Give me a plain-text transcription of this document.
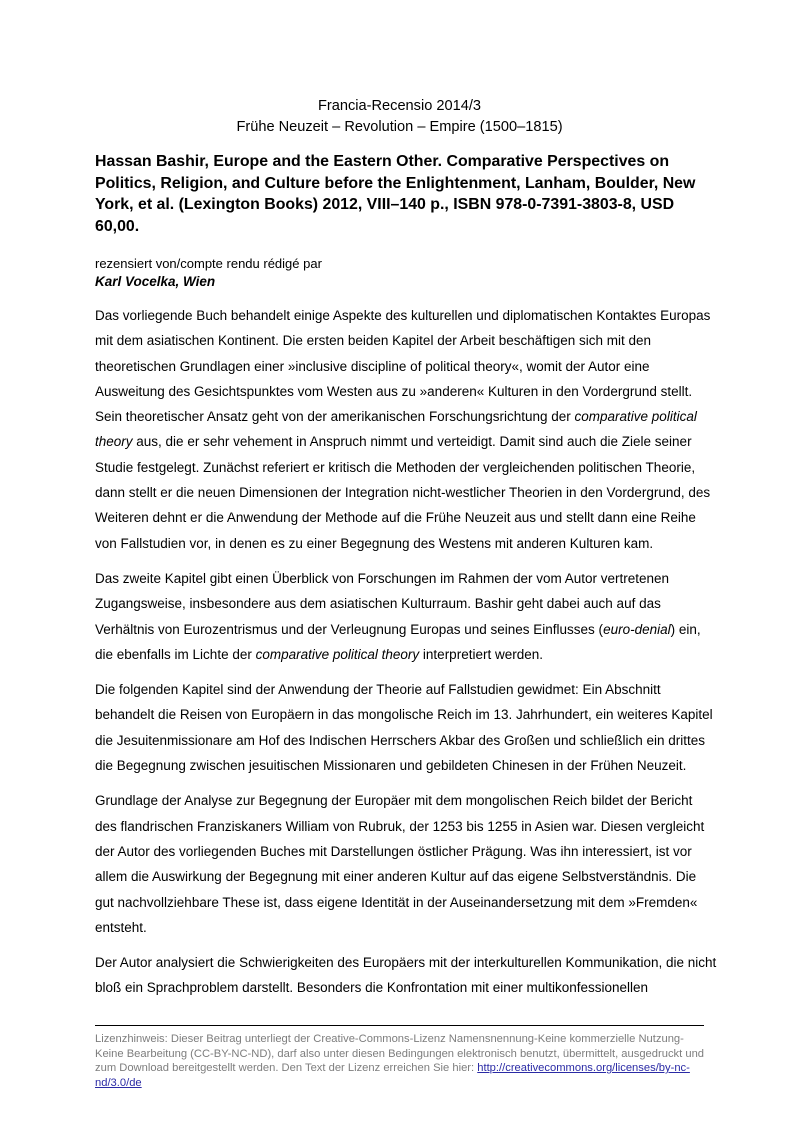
Francia-Recensio 2014/3
Frühe Neuzeit – Revolution – Empire (1500–1815)
Hassan Bashir, Europe and the Eastern Other. Comparative Perspectives on Politics, Religion, and Culture before the Enlightenment, Lanham, Boulder, New York, et al. (Lexington Books) 2012, VIII–140 p., ISBN 978-0-7391-3803-8, USD 60,00.
rezensiert von/compte rendu rédigé par
Karl Vocelka, Wien

Das vorliegende Buch behandelt einige Aspekte des kulturellen und diplomatischen Kontaktes Europas mit dem asiatischen Kontinent. Die ersten beiden Kapitel der Arbeit beschäftigen sich mit den theoretischen Grundlagen einer »inclusive discipline of political theory«, womit der Autor eine Ausweitung des Gesichtspunktes vom Westen aus zu »anderen« Kulturen in den Vordergrund stellt. Sein theoretischer Ansatz geht von der amerikanischen Forschungsrichtung der comparative political theory aus, die er sehr vehement in Anspruch nimmt und verteidigt. Damit sind auch die Ziele seiner Studie festgelegt. Zunächst referiert er kritisch die Methoden der vergleichenden politischen Theorie, dann stellt er die neuen Dimensionen der Integration nicht-westlicher Theorien in den Vordergrund, des Weiteren dehnt er die Anwendung der Methode auf die Frühe Neuzeit aus und stellt dann eine Reihe von Fallstudien vor, in denen es zu einer Begegnung des Westens mit anderen Kulturen kam.

Das zweite Kapitel gibt einen Überblick von Forschungen im Rahmen der vom Autor vertretenen Zugangsweise, insbesondere aus dem asiatischen Kulturraum. Bashir geht dabei auch auf das Verhältnis von Eurozentrismus und der Verleugnung Europas und seines Einflusses (euro-denial) ein, die ebenfalls im Lichte der comparative political theory interpretiert werden.

Die folgenden Kapitel sind der Anwendung der Theorie auf Fallstudien gewidmet: Ein Abschnitt behandelt die Reisen von Europäern in das mongolische Reich im 13. Jahrhundert, ein weiteres Kapitel die Jesuitenmissionare am Hof des Indischen Herrschers Akbar des Großen und schließlich ein drittes die Begegnung zwischen jesuitischen Missionaren und gebildeten Chinesen in der Frühen Neuzeit.

Grundlage der Analyse zur Begegnung der Europäer mit dem mongolischen Reich bildet der Bericht des flandrischen Franziskaners William von Rubruk, der 1253 bis 1255 in Asien war. Diesen vergleicht der Autor des vorliegenden Buches mit Darstellungen östlicher Prägung. Was ihn interessiert, ist vor allem die Auswirkung der Begegnung mit einer anderen Kultur auf das eigene Selbstverständnis. Die gut nachvollziehbare These ist, dass eigene Identität in der Auseinandersetzung mit dem »Fremden« entsteht.

Der Autor analysiert die Schwierigkeiten des Europäers mit der interkulturellen Kommunikation, die nicht bloß ein Sprachproblem darstellt. Besonders die Konfrontation mit einer multikonfessionellen

Lizenzhinweis: Dieser Beitrag unterliegt der Creative-Commons-Lizenz Namensnennung-Keine kommerzielle Nutzung-Keine Bearbeitung (CC-BY-NC-ND), darf also unter diesen Bedingungen elektronisch benutzt, übermittelt, ausgedruckt und zum Download bereitgestellt werden. Den Text der Lizenz erreichen Sie hier: http://creativecommons.org/licenses/by-nc-nd/3.0/de
